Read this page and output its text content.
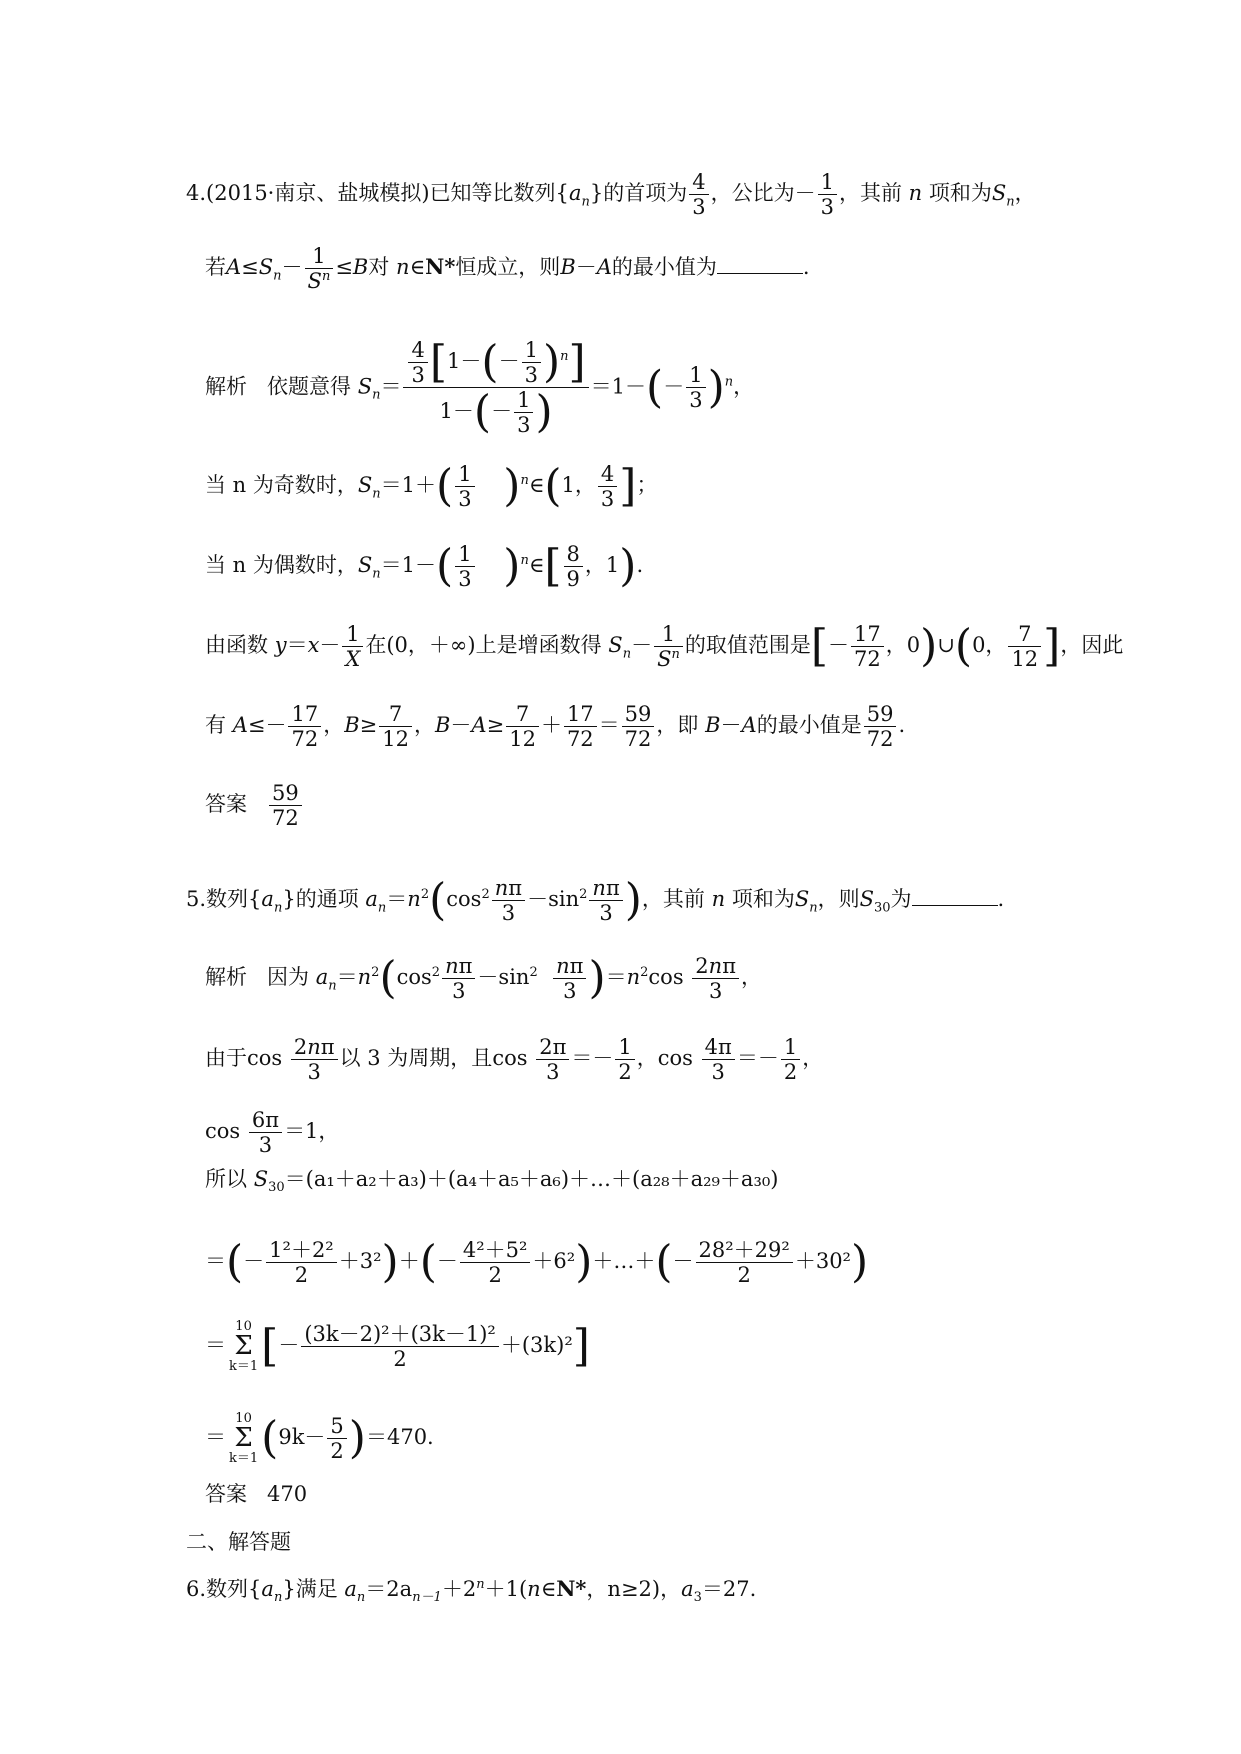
4.(2015·南京、盐城模拟)已知等比数列$\{a_n\}$的首项为 $\frac{4}{3}$ ，公比为－ $\frac{1}{3}$ ，其前 n 项和为$S_n$，
若$A\le S_n- \frac{1}{S^n} \le B$对 n∈N*恒成立，则B－A的最小值为	.
解析 依题意得 $S_n= \frac{\frac{4}{3} [1-(- \frac{1}{3} )^n]}{1-(- \frac{1}{3} )} =1-(- \frac{1}{3} )^n$，
当 n 为奇数时，$S_n=1+( \frac{1}{3}$ )$^n\in(1$， $\frac{4}{3}$ ]；
当 n 为偶数时，$S_n=1-( \frac{1}{3}$ )$^n\in[ \frac{8}{9}$ ，1).
由函数 $y=x- \frac{1}{X}$ 在(0，＋∞)上是增函数得 $S_n- \frac{1}{S^n}$ 的取值范围是[－ $\frac{17}{72}$ ，0)∪(0， $\frac{7}{12}$ ]，因此
有 $A\le- \frac{17}{72}$ ，$B\ge \frac{7}{12}$ ，$B-A\ge \frac{7}{12} + \frac{17}{72} = \frac{59}{72}$ ，即 B－A的最小值是 $\frac{59}{72}$ .
答案 $\frac{59}{72}$
5.数列$\{a_n\}$的通项 $a_n=n^2(\cos^2 \frac{n\pi}{3} -\sin^2 \frac{n\pi}{3}$ )，其前 n 项和为$S_n$，则$S_{30}$为	.
解析 因为 $a_n=n^2(\cos^2 \frac{n\pi}{3} -\sin^2 \frac{n\pi}{3} )=n^2\cos \frac{2n\pi}{3}$ ，
由于$\cos \frac{2n\pi}{3}$ 以 3 为周期，且$\cos \frac{2\pi}{3} =- \frac{1}{2}$ ，$\cos \frac{4\pi}{3} =- \frac{1}{2}$ ，
$\cos \frac{6\pi}{3} =1$，
所以 $S_{30}=(a_1+a_2+a_3)+(a_4+a_5+a_6)+\dots+(a_{28}+a_{29}+a_{30})$
＝(－ $\frac{\text{1²＋2²}}{2} +3^2)+(- \frac{\text{4²＋5²}}{2}$ ＋6²)＋…＋(－ $\frac{\text{28²＋29²}}{2} +30^2$)
＝10
Σ
$k=1[- \frac{\text{(3k－2)²＋(3k－1)²}}{2} +(3k)^2]$
＝10
Σ
$k=1(9k- \frac{5}{2} )=470$.
答案 470
二、解答题
6.数列$\{a_n\}$满足 $a_n=2a_{n-1}+2^n+1(n\in N*$，n≥2)，$a_3=27$.
